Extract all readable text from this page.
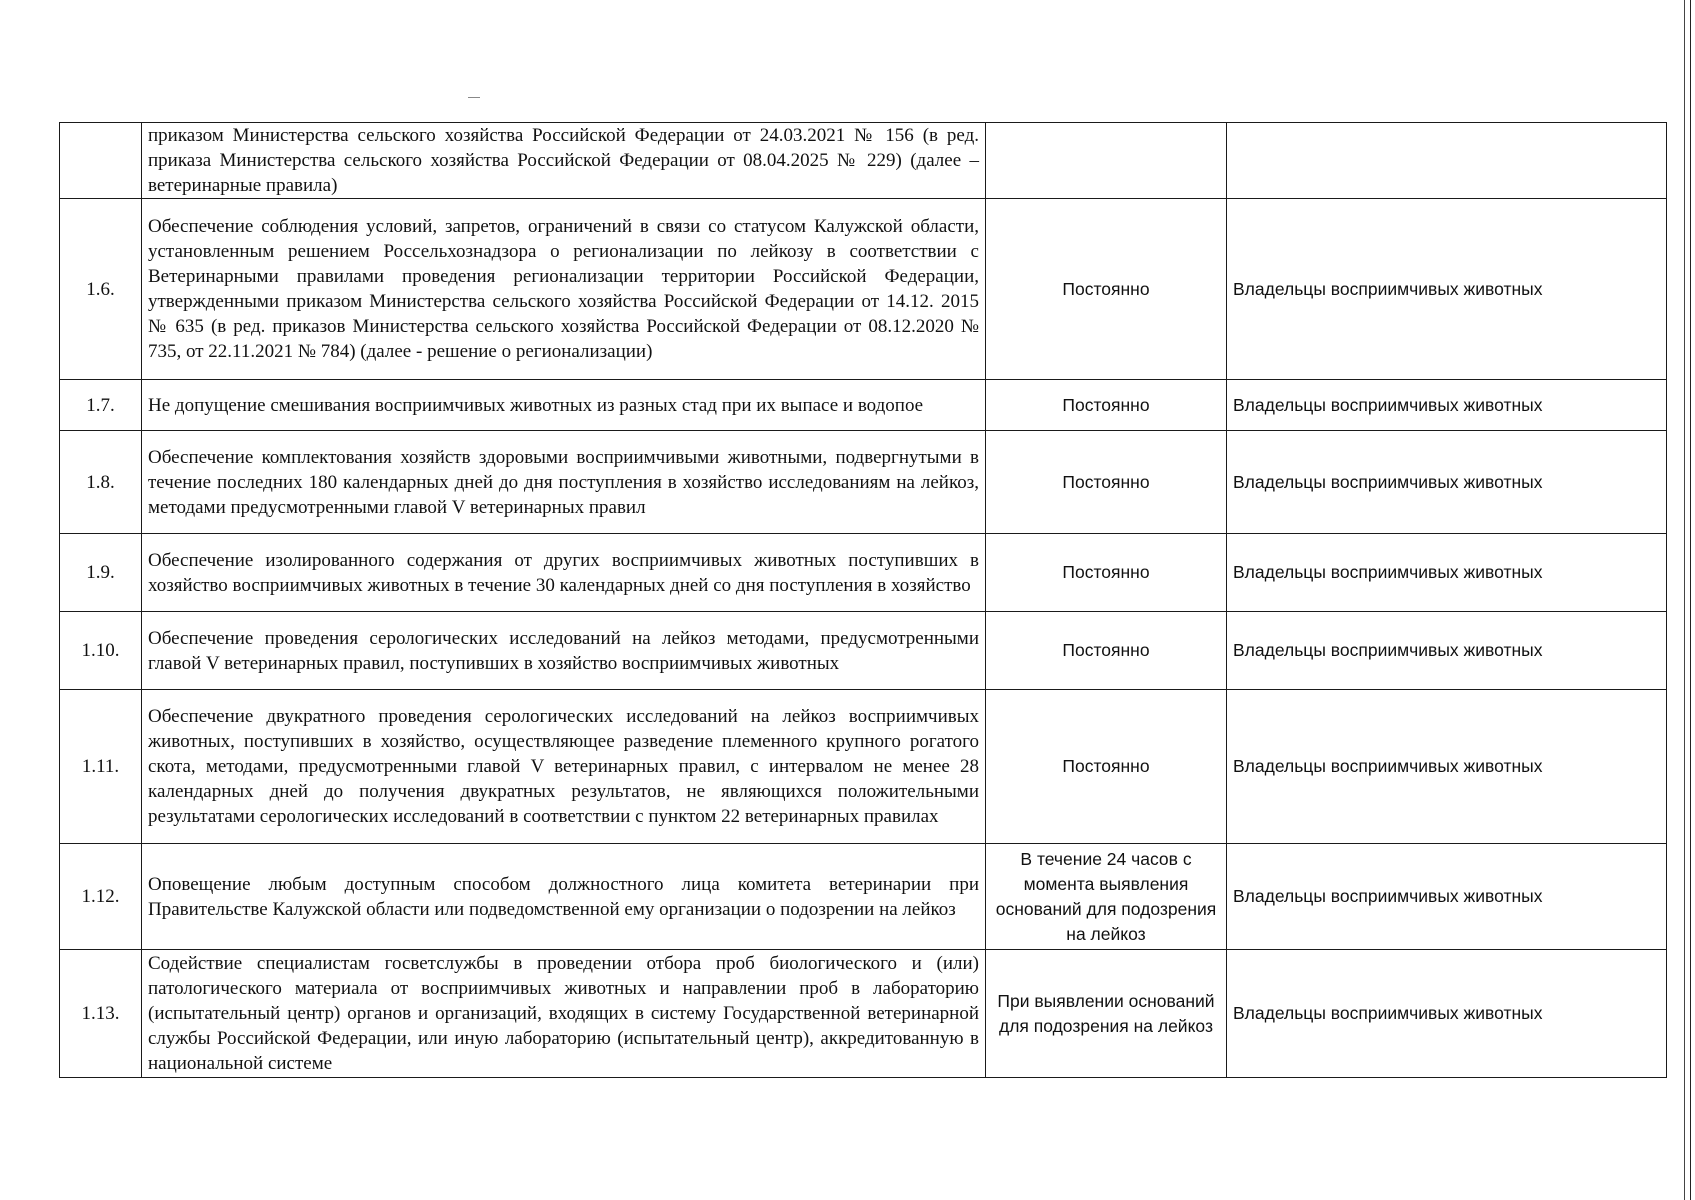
	приказом Министерства сельского хозяйства Российской Федерации от 24.03.2021 № 156 (в ред. приказа Министерства сельского хозяйства Российской Федерации от 08.04.2025 № 229) (далее – ветеринарные правила)		
1.6.	Обеспечение соблюдения условий, запретов, ограничений в связи со статусом Калужской области, установленным решением Россельхознадзора о регионализации по лейкозу в соответствии с Ветеринарными правилами проведения регионализации территории Российской Федерации, утвержденными приказом Министерства сельского хозяйства Российской Федерации от 14.12. 2015 № 635 (в ред. приказов Министерства сельского хозяйства Российской Федерации от 08.12.2020 № 735, от 22.11.2021 № 784) (далее - решение о регионализации)	Постоянно	Владельцы восприимчивых животных
1.7.	Не допущение смешивания восприимчивых животных из разных стад при их выпасе и водопое	Постоянно	Владельцы восприимчивых животных
1.8.	Обеспечение комплектования хозяйств здоровыми восприимчивыми животными, подвергнутыми в течение последних 180 календарных дней до дня поступления в хозяйство исследованиям на лейкоз, методами предусмотренными главой V ветеринарных правил	Постоянно	Владельцы восприимчивых животных
1.9.	Обеспечение изолированного содержания от других восприимчивых животных поступивших в хозяйство восприимчивых животных в течение 30 календарных дней со дня поступления в хозяйство	Постоянно	Владельцы восприимчивых животных
1.10.	Обеспечение проведения серологических исследований на лейкоз методами, предусмотренными главой V ветеринарных правил, поступивших в хозяйство восприимчивых животных	Постоянно	Владельцы восприимчивых животных
1.11.	Обеспечение двукратного проведения серологических исследований на лейкоз восприимчивых животных, поступивших в хозяйство, осуществляющее разведение племенного крупного рогатого скота, методами, предусмотренными главой V ветеринарных правил, с интервалом не менее 28 календарных дней до получения двукратных результатов, не являющихся положительными результатами серологических исследований в соответствии с пунктом 22 ветеринарных правилах	Постоянно	Владельцы восприимчивых животных
1.12.	Оповещение любым доступным способом должностного лица комитета ветеринарии при Правительстве Калужской области или подведомственной ему организации о подозрении на лейкоз	В течение 24 часов с момента выявления оснований для подозрения на лейкоз	Владельцы восприимчивых животных
1.13.	Содействие специалистам госветслужбы в проведении отбора проб биологического и (или) патологического материала от восприимчивых животных и направлении проб в лабораторию (испытательный центр) органов и организаций, входящих в систему Государственной ветеринарной службы Российской Федерации, или иную лабораторию (испытательный центр), аккредитованную в национальной системе	При выявлении оснований для подозрения на лейкоз	Владельцы восприимчивых животных
